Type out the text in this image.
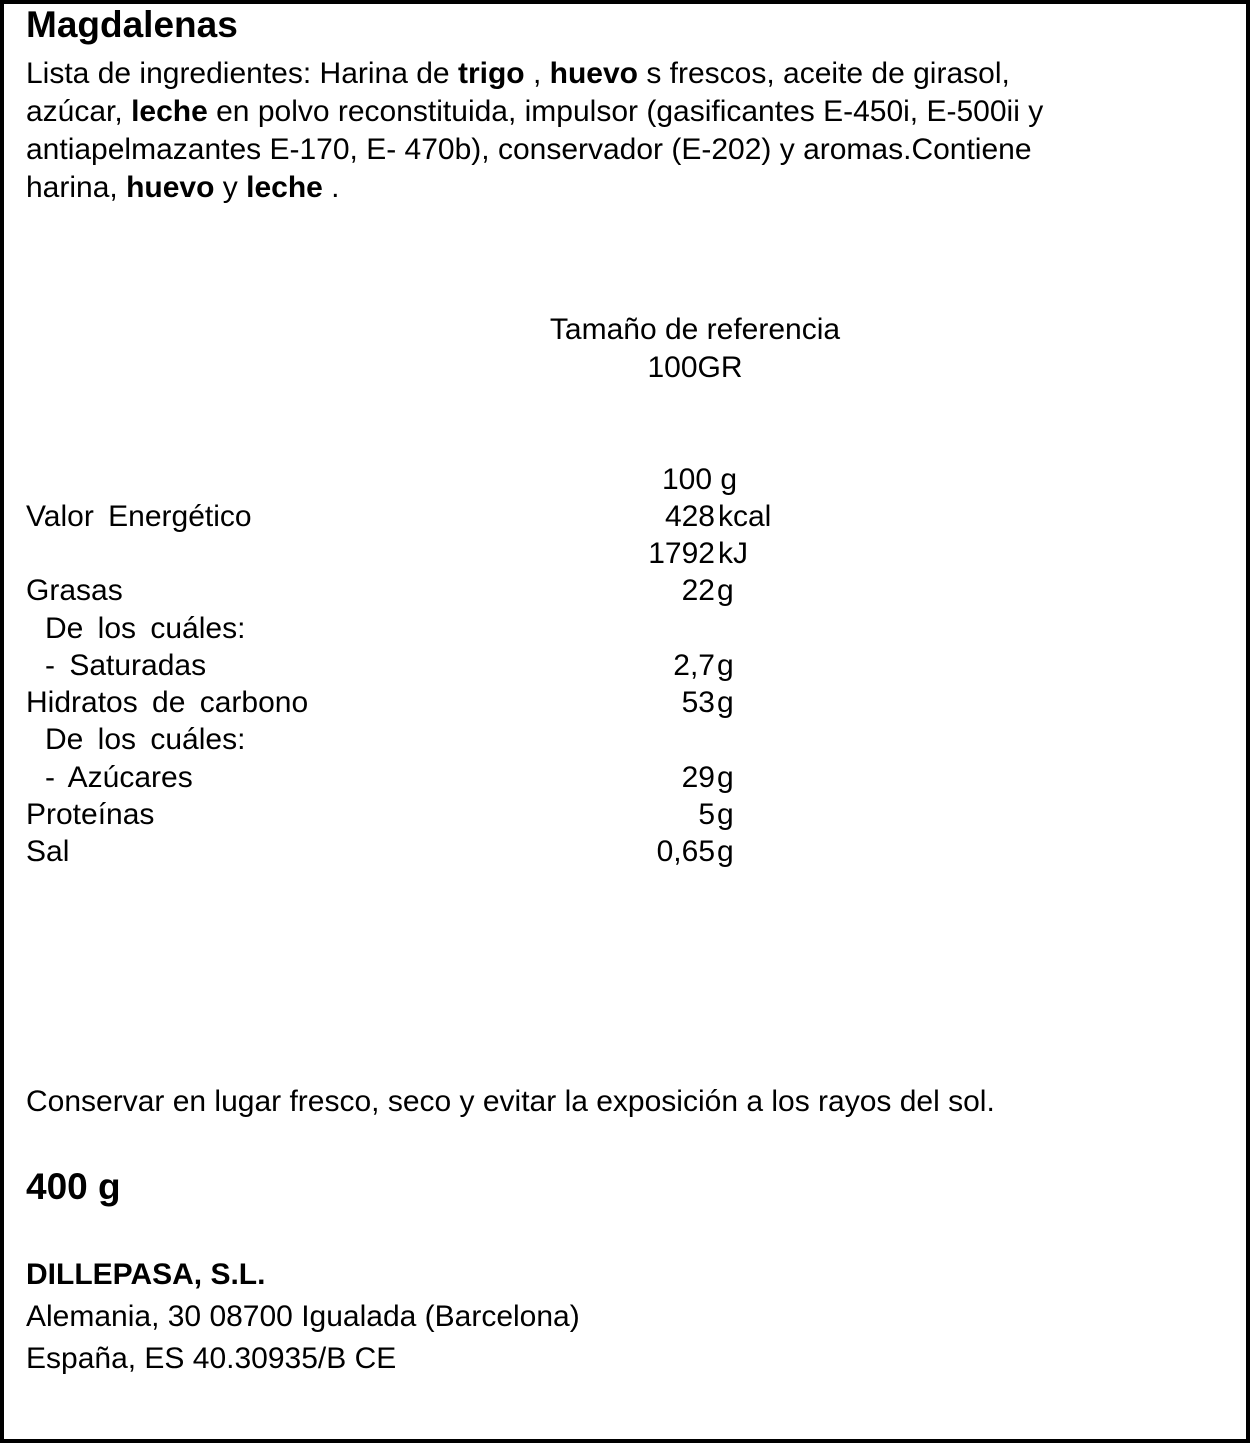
Magdalenas
Lista de ingredientes: Harina de trigo , huevo s frescos, aceite de girasol,
azúcar, leche en polvo reconstituida, impulsor (gasificantes E-450i, E-500ii y
antiapelmazantes E-170, E- 470b), conservador (E-202) y aromas.Contiene
harina, huevo y leche .
Tamaño de referencia
100GR
100 g
Valor Energético	428 kcal
1792 kJ
Grasas	22 g
De los cuáles:
- Saturadas	2,7 g
Hidratos de carbono	53 g
De los cuáles:
- Azúcares	29 g
Proteínas	5 g
Sal	0,65 g
Conservar en lugar fresco, seco y evitar la exposición a los rayos del sol.
400 g
DILLEPASA, S.L.
Alemania, 30 08700 Igualada (Barcelona)
España, ES 40.30935/B CE
